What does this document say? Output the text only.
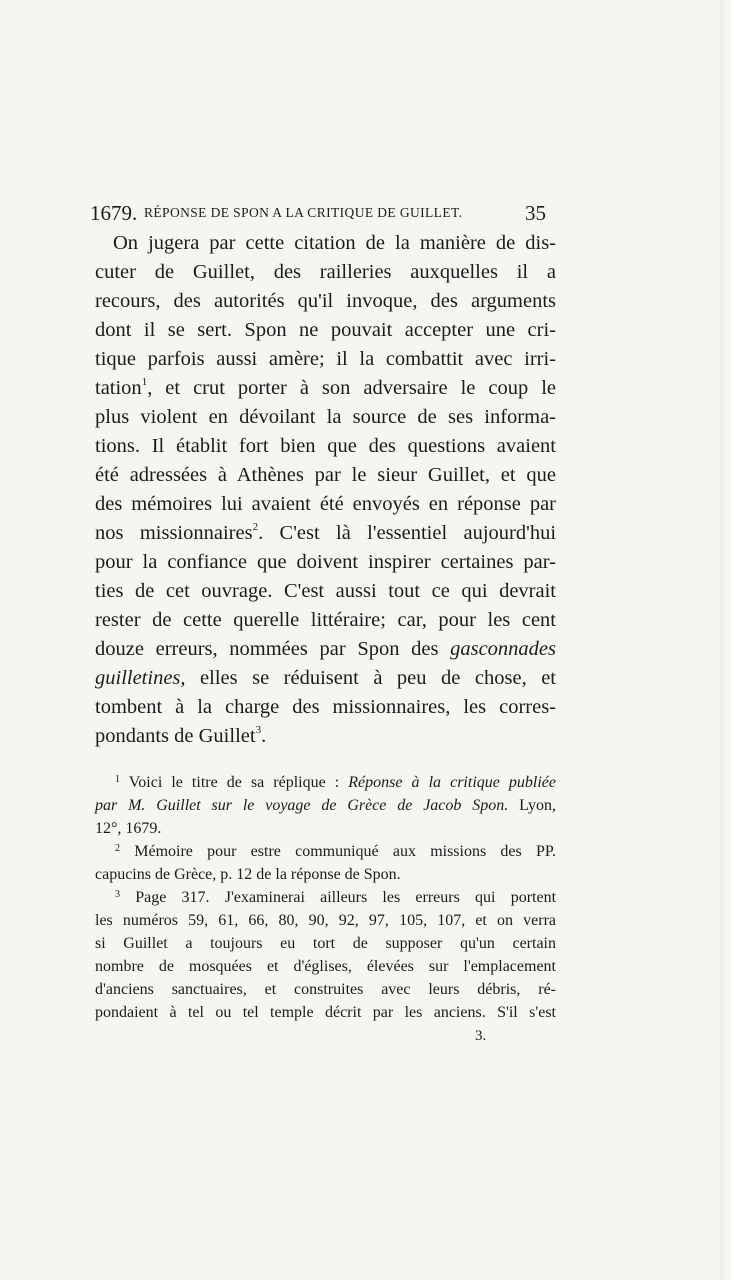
1679. RÉPONSE DE SPON A LA CRITIQUE DE GUILLET.	35
On jugera par cette citation de la manière de dis-
cuter de Guillet, des railleries auxquelles il a
recours, des autorités qu'il invoque, des arguments
dont il se sert. Spon ne pouvait accepter une cri-
tique parfois aussi amère; il la combattit avec irri-
tation$^1$, et crut porter à son adversaire le coup le
plus violent en dévoilant la source de ses informa-
tions. Il établit fort bien que des questions avaient
été adressées à Athènes par le sieur Guillet, et que
des mémoires lui avaient été envoyés en réponse par
nos missionnaires$^2$. C'est là l'essentiel aujourd'hui
pour la confiance que doivent inspirer certaines par-
ties de cet ouvrage. C'est aussi tout ce qui devrait
rester de cette querelle littéraire; car, pour les cent
douze erreurs, nommées par Spon des gasconnades
guilletines, elles se réduisent à peu de chose, et
tombent à la charge des missionnaires, les corres-
pondants de Guillet$^3$.
$^1$ Voici le titre de sa réplique : Réponse à la critique publiée
par M. Guillet sur le voyage de Grèce de Jacob Spon. Lyon,
12°, 1679.
$^2$ Mémoire pour estre communiqué aux missions des PP.
capucins de Grèce, p. 12 de la réponse de Spon.
$^3$ Page 317. J'examinerai ailleurs les erreurs qui portent
les numéros 59, 61, 66, 80, 90, 92, 97, 105, 107, et on verra
si Guillet a toujours eu tort de supposer qu'un certain
nombre de mosquées et d'églises, élevées sur l'emplacement
d'anciens sanctuaires, et construites avec leurs débris, ré-
pondaient à tel ou tel temple décrit par les anciens. S'il s'est
3.
